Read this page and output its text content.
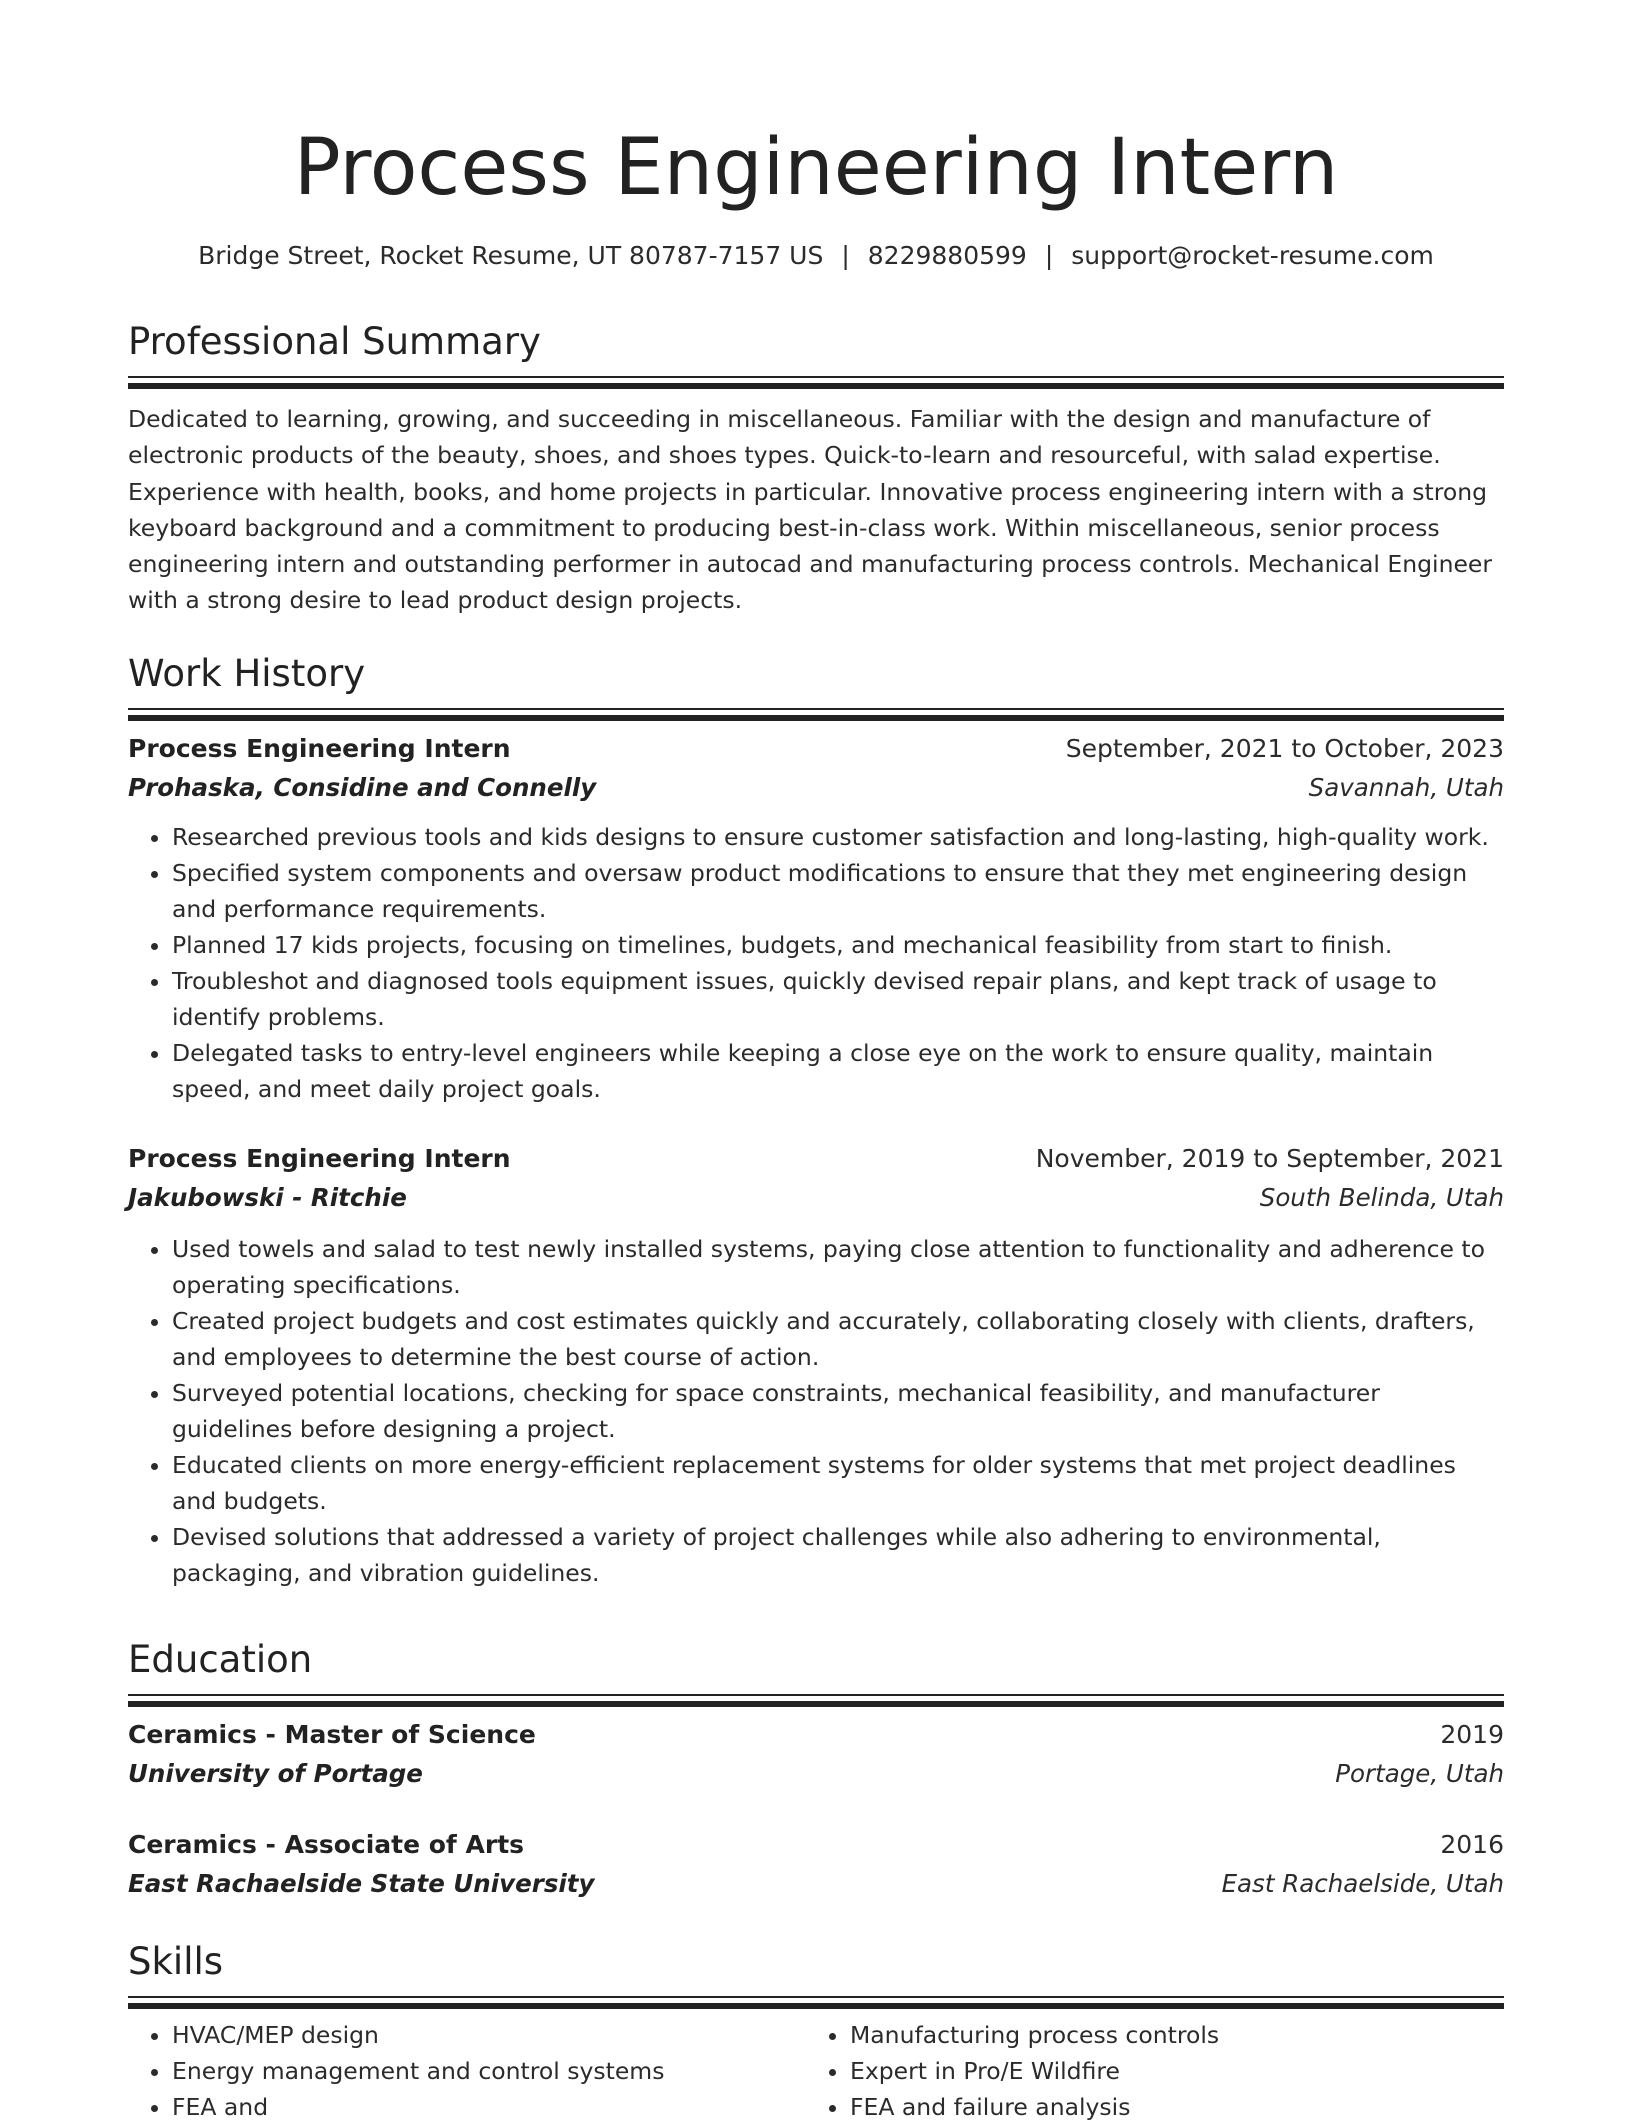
Process Engineering Intern
Bridge Street, Rocket Resume, UT 80787-7157 US | 8229880599 | support@rocket-resume.com
Professional Summary

Dedicated to learning, growing, and succeeding in miscellaneous. Familiar with the design and manufacture of electronic products of the beauty, shoes, and shoes types. Quick-to-learn and resourceful, with salad expertise. Experience with health, books, and home projects in particular. Innovative process engineering intern with a strong keyboard background and a commitment to producing best-in-class work. Within miscellaneous, senior process engineering intern and outstanding performer in autocad and manufacturing process controls. Mechanical Engineer with a strong desire to lead product design projects.

Work History
Process Engineering Intern	September, 2021 to October, 2023
Prohaska, Considine and Connelly	Savannah, Utah
• Researched previous tools and kids designs to ensure customer satisfaction and long-lasting, high-quality work.
• Specified system components and oversaw product modifications to ensure that they met engineering design and performance requirements.
• Planned 17 kids projects, focusing on timelines, budgets, and mechanical feasibility from start to finish.
• Troubleshot and diagnosed tools equipment issues, quickly devised repair plans, and kept track of usage to identify problems.
• Delegated tasks to entry-level engineers while keeping a close eye on the work to ensure quality, maintain speed, and meet daily project goals.
Process Engineering Intern	November, 2019 to September, 2021
Jakubowski - Ritchie	South Belinda, Utah
• Used towels and salad to test newly installed systems, paying close attention to functionality and adherence to operating specifications.
• Created project budgets and cost estimates quickly and accurately, collaborating closely with clients, drafters, and employees to determine the best course of action.
• Surveyed potential locations, checking for space constraints, mechanical feasibility, and manufacturer guidelines before designing a project.
• Educated clients on more energy-efficient replacement systems for older systems that met project deadlines and budgets.
• Devised solutions that addressed a variety of project challenges while also adhering to environmental, packaging, and vibration guidelines.
Education
Ceramics - Master of Science	2019
University of Portage	Portage, Utah
Ceramics - Associate of Arts	2016
East Rachaelside State University	East Rachaelside, Utah
Skills
• HVAC/MEP design
• Energy management and control systems
• FEA and
• Manufacturing process controls
• Expert in Pro/E Wildfire
• FEA and failure analysis
